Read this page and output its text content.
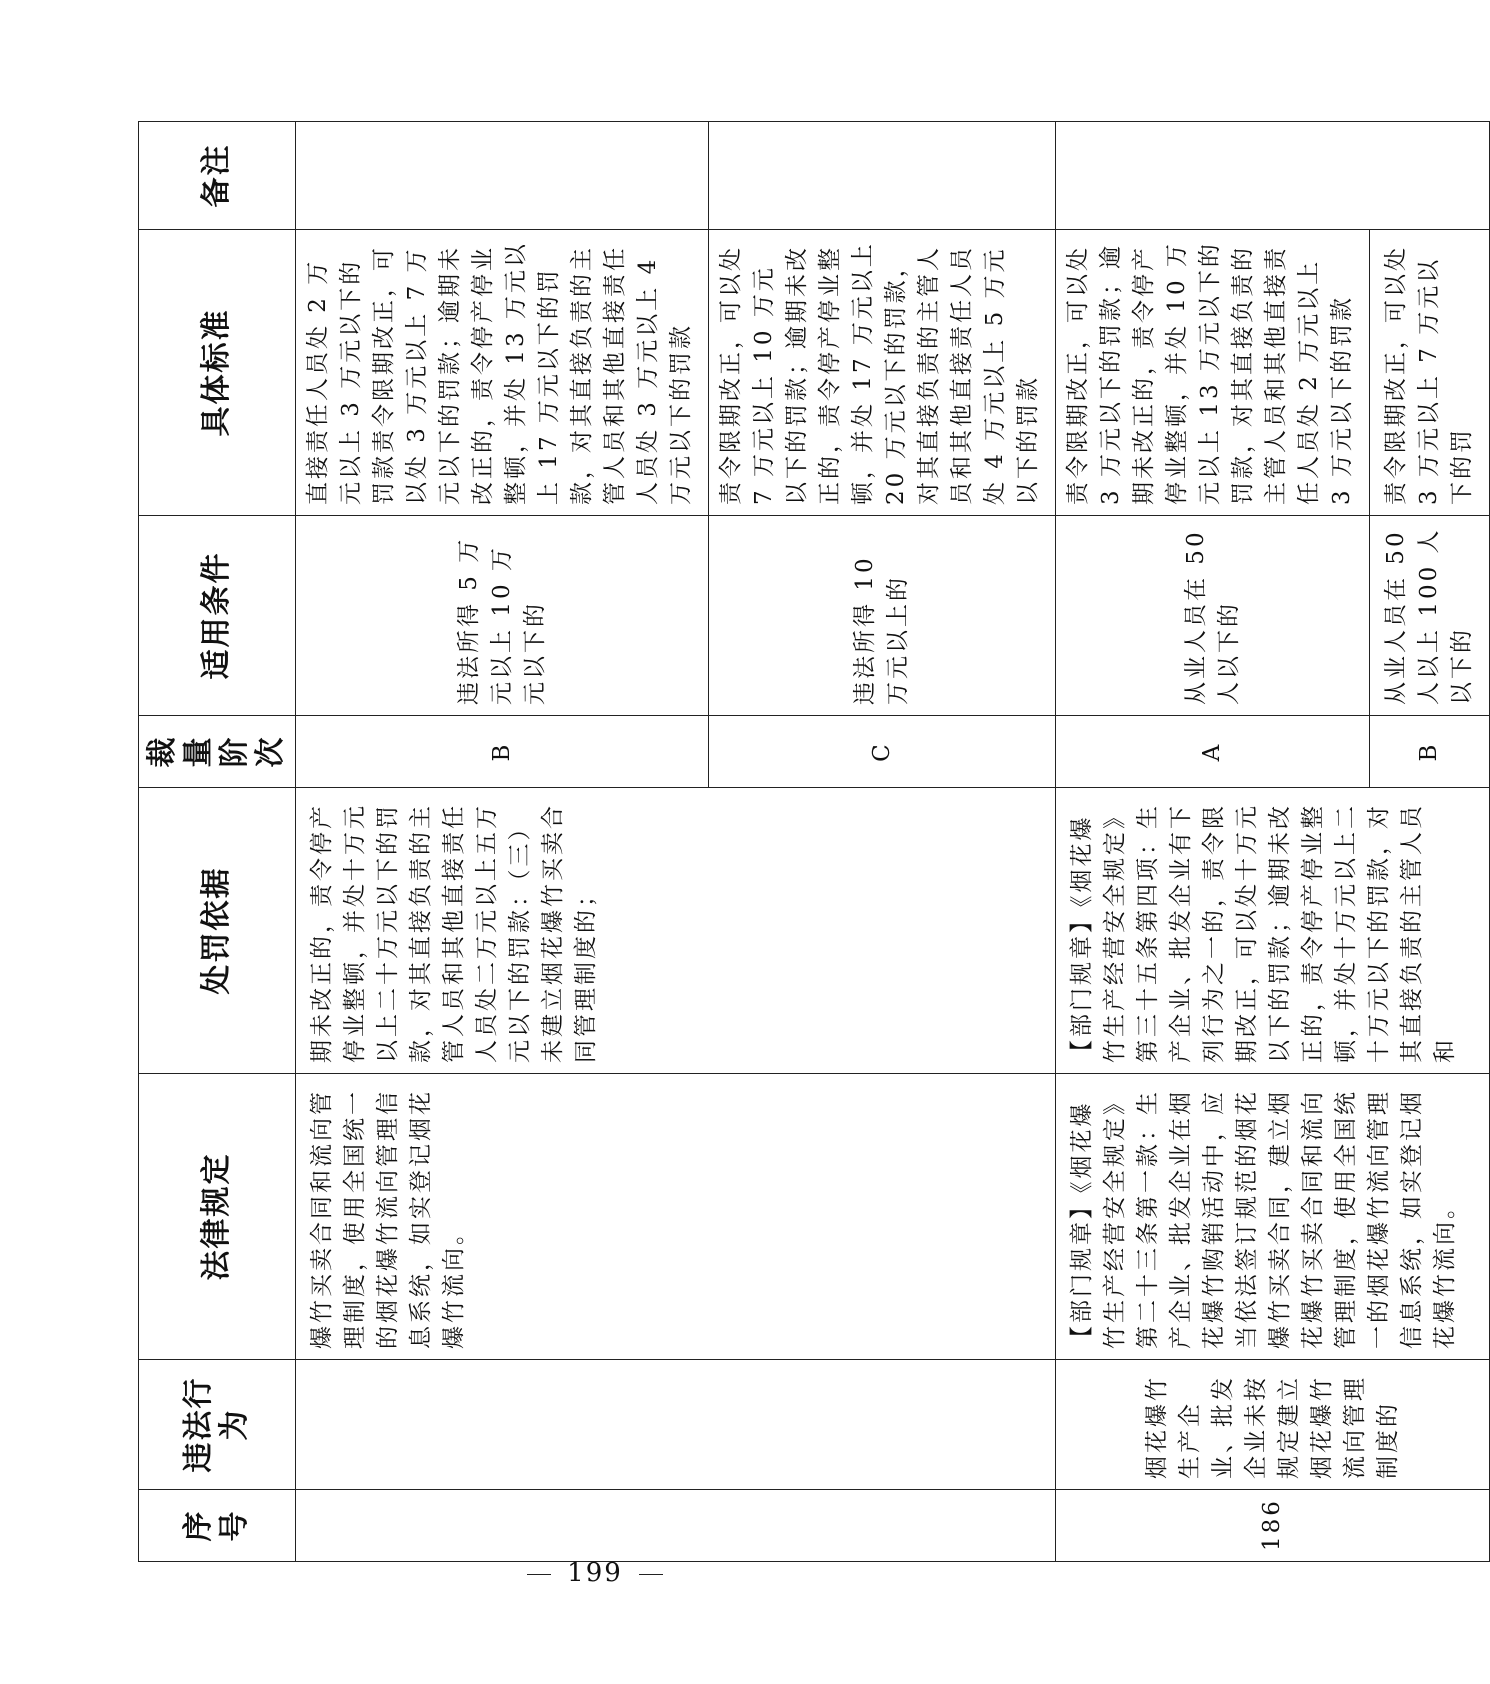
序号	违法行为	法律规定	处罚依据	裁量阶次	适用条件	具体标准	备注
		爆竹买卖合同和流向管理制度，使用全国统一的烟花爆竹流向管理信息系统，如实登记烟花爆竹流向。	期未改正的，责令停产停业整顿，并处十万元以上二十万元以下的罚款，对其直接负责的主管人员和其他直接责任人员处二万元以上五万元以下的罚款：（三）未建立烟花爆竹买卖合同管理制度的；	B	违法所得 5 万元以上 10 万元以下的	直接责任人员处 2 万元以上 3 万元以下的罚款责令限期改正，可以处 3 万元以上 7 万元以下的罚款；逾期未改正的，责令停产停业整顿，并处 13 万元以上 17 万元以下的罚款，对其直接负责的主管人员和其他直接责任人员处 3 万元以上 4 万元以下的罚款	
				C	违法所得 10 万元以上的	责令限期改正，可以处 7 万元以上 10 万元以下的罚款；逾期未改正的，责令停产停业整顿，并处 17 万元以上 20 万元以下的罚款，对其直接负责的主管人员和其他直接责任人员处 4 万元以上 5 万元以下的罚款	
186	烟花爆竹生产企业、批发企业未按规定建立烟花爆竹流向管理制度的	【部门规章】《烟花爆竹生产经营安全规定》第二十三条第一款：生产企业、批发企业在烟花爆竹购销活动中，应当依法签订规范的烟花爆竹买卖合同，建立烟花爆竹买卖合同和流向管理制度，使用全国统一的烟花爆竹流向管理信息系统，如实登记烟花爆竹流向。	【部门规章】《烟花爆竹生产经营安全规定》第三十五条第四项：生产企业、批发企业有下列行为之一的，责令限期改正，可以处十万元以下的罚款；逾期未改正的，责令停产停业整顿，并处十万元以上二十万元以下的罚款，对其直接负责的主管人员和	A	从业人员在 50 人以下的	责令限期改正，可以处 3 万元以下的罚款；逾期未改正的，责令停产停业整顿，并处 10 万元以上 13 万元以下的罚款，对其直接负责的主管人员和其他直接责任人员处 2 万元以上 3 万元以下的罚款	
				B	从业人员在 50 人以上 100 人以下的	责令限期改正，可以处 3 万元以上 7 万元以下的罚	
199
